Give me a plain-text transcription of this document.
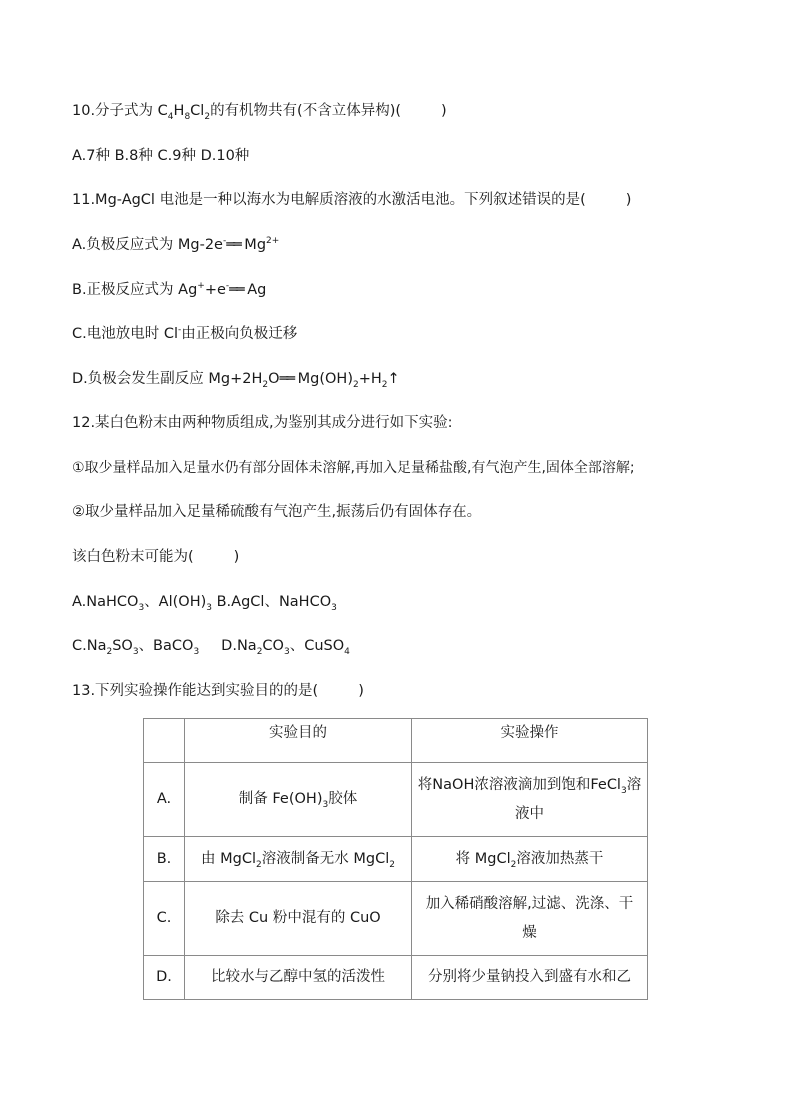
10.分子式为 $C_4H_8Cl_2$的有机物共有(不含立体异构)(	)
A.7种 B.8种 C.9种 D.10种
11.Mg-AgCl 电池是一种以海水为电解质溶液的水激活电池。下列叙述错误的是(	)
A.负极反应式为 Mg-2e-══ $Mg^{2+}$
B.正极反应式为 Ag++e-══ Ag
C.电池放电时 Cl-由正极向负极迁移
D.负极会发生副反应 $Mg+2H_2O══$ $Mg(OH)_2+H_2↑$
12.某白色粉末由两种物质组成,为鉴别其成分进行如下实验:
①取少量样品加入足量水仍有部分固体未溶解,再加入足量稀盐酸,有气泡产生,固体全部溶解;
②取少量样品加入足量稀硫酸有气泡产生,振荡后仍有固体存在。
该白色粉末可能为(	)
A.NaHCO$_3$、$Al(OH)_3$ B.AgCl、NaHCO$_3$
$C.Na_2SO_3$、BaCO$_3$ $D.Na_2CO_3$、CuSO$_4$
13.下列实验操作能达到实验目的的是(	)
	实验目的	实验操作
A.	制备 $Fe(OH)_3$胶体	将NaOH浓溶液滴加到饱和FeCl$_3$溶
液中
B.	由 MgCl$_2$溶液制备无水 MgCl$_2$	将 MgCl$_2$溶液加热蒸干
C.	除去 Cu 粉中混有的 CuO	加入稀硝酸溶解,过滤、洗涤、干
燥
D.	比较水与乙醇中氢的活泼性	分别将少量钠投入到盛有水和乙
